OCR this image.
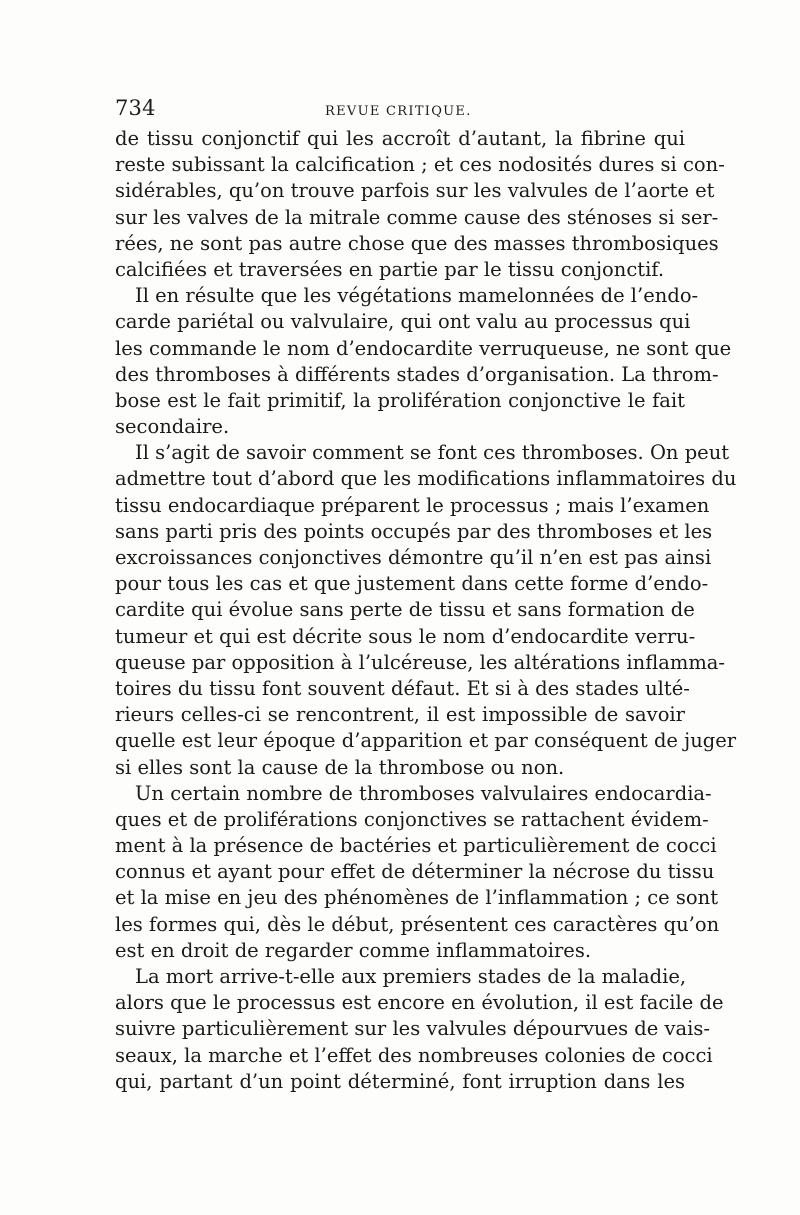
734	REVUE CRITIQUE.
de tissu conjonctif qui les accroît d’autant, la fibrine qui
reste subissant la calcification ; et ces nodosités dures si con-
sidérables, qu’on trouve parfois sur les valvules de l’aorte et
sur les valves de la mitrale comme cause des sténoses si ser-
rées, ne sont pas autre chose que des masses thrombosiques
calcifiées et traversées en partie par le tissu conjonctif.
Il en résulte que les végétations mamelonnées de l’endo-
carde pariétal ou valvulaire, qui ont valu au processus qui
les commande le nom d’endocardite verruqueuse, ne sont que
des thromboses à différents stades d’organisation. La throm-
bose est le fait primitif, la prolifération conjonctive le fait
secondaire.
Il s’agit de savoir comment se font ces thromboses. On peut
admettre tout d’abord que les modifications inflammatoires du
tissu endocardiaque préparent le processus ; mais l’examen
sans parti pris des points occupés par des thromboses et les
excroissances conjonctives démontre qu’il n’en est pas ainsi
pour tous les cas et que justement dans cette forme d’endo-
cardite qui évolue sans perte de tissu et sans formation de
tumeur et qui est décrite sous le nom d’endocardite verru-
queuse par opposition à l’ulcéreuse, les altérations inflamma-
toires du tissu font souvent défaut. Et si à des stades ulté-
rieurs celles-ci se rencontrent, il est impossible de savoir
quelle est leur époque d’apparition et par conséquent de juger
si elles sont la cause de la thrombose ou non.
Un certain nombre de thromboses valvulaires endocardia-
ques et de proliférations conjonctives se rattachent évidem-
ment à la présence de bactéries et particulièrement de cocci
connus et ayant pour effet de déterminer la nécrose du tissu
et la mise en jeu des phénomènes de l’inflammation ; ce sont
les formes qui, dès le début, présentent ces caractères qu’on
est en droit de regarder comme inflammatoires.
La mort arrive-t-elle aux premiers stades de la maladie,
alors que le processus est encore en évolution, il est facile de
suivre particulièrement sur les valvules dépourvues de vais-
seaux, la marche et l’effet des nombreuses colonies de cocci
qui, partant d’un point déterminé, font irruption dans les
